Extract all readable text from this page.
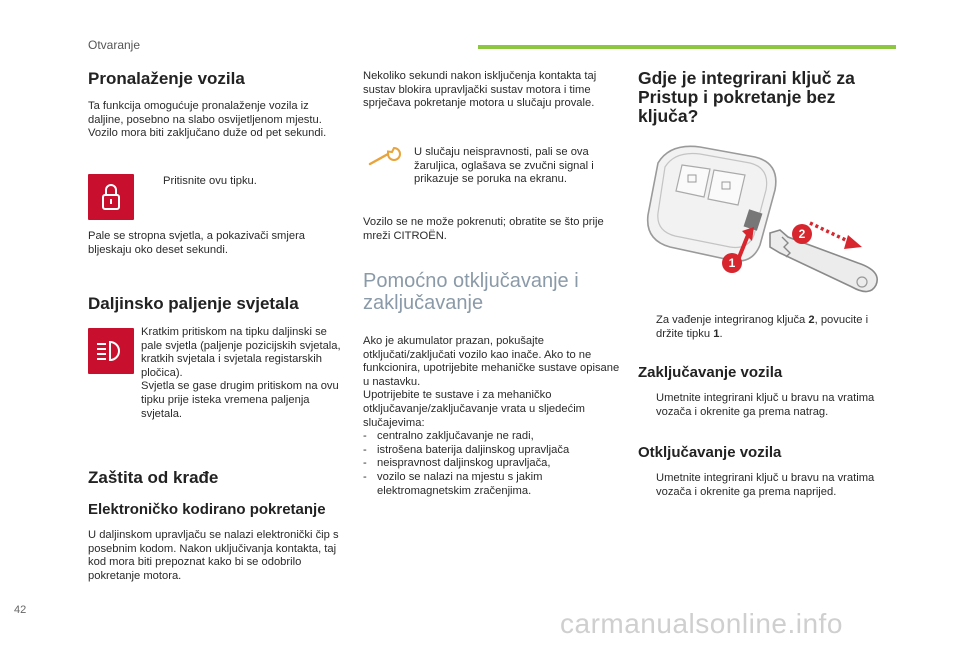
Otvaranje
Pronalaženje vozila

Ta funkcija omogućuje pronalaženje vozila iz daljine, posebno na slabo osvijetljenom mjestu. Vozilo mora biti zaključano duže od pet sekundi.

Pritisnite ovu tipku.

Pale se stropna svjetla, a pokazivači smjera bljeskaju oko deset sekundi.

Daljinsko paljenje svjetala

Kratkim pritiskom na tipku daljinski se pale svjetla (paljenje pozicijskih svjetala, kratkih svjetala i svjetala registarskih pločica).

Svjetla se gase drugim pritiskom na ovu tipku prije isteka vremena paljenja svjetala.

Zaštita od krađe
Elektroničko kodirano pokretanje

U daljinskom upravljaču se nalazi elektronički čip s posebnim kodom. Nakon uključivanja kontakta, taj kod mora biti prepoznat kako bi se odobrilo pokretanje motora.

Nekoliko sekundi nakon isključenja kontakta taj sustav blokira upravljački sustav motora i time sprječava pokretanje motora u slučaju provale.

U slučaju neispravnosti, pali se ova žaruljica, oglašava se zvučni signal i prikazuje se poruka na ekranu.

Vozilo se ne može pokrenuti; obratite se što prije mreži CITROËN.

Pomoćno otključavanje i zaključavanje

Ako je akumulator prazan, pokušajte otključati/zaključati vozilo kao inače. Ako to ne funkcionira, upotrijebite mehaničke sustave opisane u nastavku.

Upotrijebite te sustave i za mehaničko otključavanje/zaključavanje vrata u sljedećim slučajevima:

- centralno zaključavanje ne radi,
- istrošena baterija daljinskog upravljača
- neispravnost daljinskog upravljača,
- vozilo se nalazi na mjestu s jakim elektromagnetskim zračenjima.
Gdje je integrirani ključ za Pristup i pokretanje bez ključa?
1
2
Za vađenje integriranog ključa 2, povucite i držite tipku 1.
Zaključavanje vozila
Umetnite integrirani ključ u bravu na vratima vozača i okrenite ga prema natrag.
Otključavanje vozila
Umetnite integrirani ključ u bravu na vratima vozača i okrenite ga prema naprijed.
42	carmanualsonline.info
